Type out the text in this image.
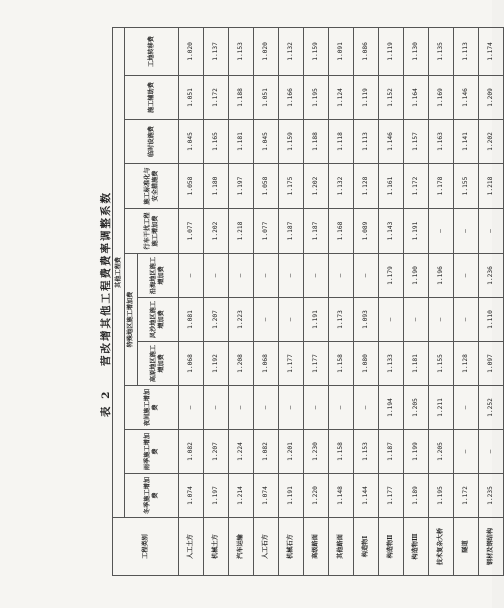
表 2 营改增其他工程费费率调整系数
工程类别	其他工程费										
	冬季施工增加费	雨季施工增加费	夜间施工增加费	特殊地区施工增加费			行车干扰工程施工增加费	施工标准化与安全措施费	临时设施费	施工辅助费	工地转移费
				高原地区施工增加费	风沙地区施工增加费	沿海地区施工增加费					
人工土方	1.074	1.082	—	1.068	1.081	—	1.077	1.058	1.045	1.051	1.020
机械土方	1.197	1.207	—	1.192	1.207	—	1.202	1.180	1.165	1.172	1.137
汽车运输	1.214	1.224	—	1.208	1.223	—	1.218	1.197	1.181	1.188	1.153
人工石方	1.074	1.082	—	1.068	—	—	1.077	1.058	1.045	1.051	1.020
机械石方	1.191	1.201	—	1.177	—	—	1.187	1.175	1.159	1.166	1.132
高级路面	1.220	1.230	—	1.177	1.191	—	1.187	1.202	1.188	1.195	1.159
其他路面	1.148	1.158	—	1.158	1.173	—	1.168	1.132	1.118	1.124	1.091
构造物Ⅰ	1.144	1.153	—	1.080	1.093	—	1.089	1.128	1.113	1.119	1.086
构造物Ⅱ	1.177	1.187	1.194	1.133	—	1.179	1.143	1.161	1.146	1.152	1.119
构造物Ⅲ	1.189	1.199	1.205	1.181	—	1.190	1.191	1.172	1.157	1.164	1.130
技术复杂大桥	1.195	1.205	1.211	1.155	—	1.196	—	1.178	1.163	1.169	1.135
隧道	1.172	—	—	1.128	—	—	—	1.155	1.141	1.146	1.113
钢材及钢结构	1.235	—	1.252	1.097	1.110	1.236	—	1.218	1.202	1.209	1.174
